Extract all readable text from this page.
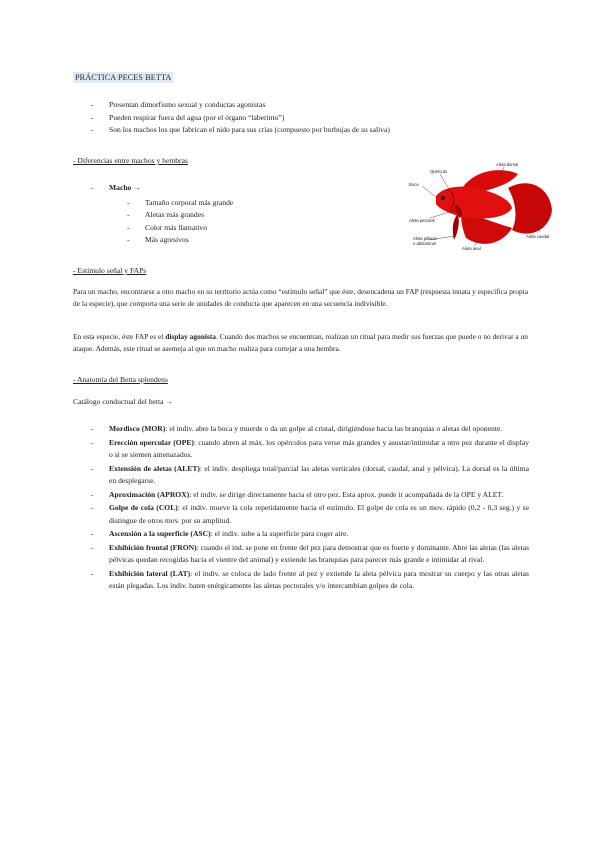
PRÁCTICA PECES BETTA
- Presentan dimorfismo sexual y conductas agonistas
- Pueden respirar fuera del agua (por el órgano “laberinto”)
- Son los machos los que fabrican el nido para sus crías (compuesto por burbujas de su saliva)
- Diferencias entre machos y hembras
- Macho →
- Tamaño corporal más grande
- Aletas más grandes
- Color más llamativo
- Más agresivos
Aleta dorsal
Opérculo
Boca
Aleta pectoral
Aleta pélvica
o abdominal
Aleta anal
Aleta caudal
- Estímulo señal y FAPs

Para un macho, encontrarse a otro macho en su territorio actúa como “estímulo señal” que éste, desencadena un FAP (respuesta innata y específica propia de la especie), que comporta una serie de unidades de conducta que aparecen en una secuencia indivisible.

En esta especie, éste FAP es el display agonista. Cuando dos machos se encuentran, realizan un ritual para medir sus fuerzas que puede o no derivar a un ataque. Además, este ritual se asemeja al que un macho realiza para cortejar a una hembra.

- Anatomía del Betta splendens
Catálogo conductual del betta →
- Mordisco (MOR): el indiv. abre la boca y muerde o da un golpe al cristal, dirigiéndose hacia las branquias o aletas del oponente.
- Erección opercular (OPE): cuando abren al máx. los opérculos para verse más grandes y asustar/intimidar a otro pez durante el display o si se sienten amenazados.
- Extensión de aletas (ALET): el indiv. despliega total/parcial las aletas verticales (dorsal, caudal, anal y pélvica). La dorsal es la última en desplegarse.
- Aproximación (APROX): el indiv. se dirige directamente hacia el otro pez. Esta aprox. puede ir acompañada de la OPE y ALET.
- Golpe de cola (COL): el indiv. mueve la cola repetidamente hacia el estímulo. El golpe de cola es un mov. rápido (0,2 - 0,3 seg.) y se distingue de otros mov. por su amplitud.
- Ascensión a la superficie (ASC): el indiv. sube a la superficie para coger aire.
- Exhibición frontal (FRON): cuando el ind. se pone en frente del pez para demostrar que es fuerte y dominante. Abre las aletas (las aletas pélvicas quedan recogidas hacia el vientre del animal) y extiende las branquias para parecer más grande e intimidar al rival.
- Exhibición lateral (LAT): el indiv. se coloca de lado frente al pez y extiende la aleta pélvica para mostrar su cuerpo y las otras aletas están plegadas. Los indiv. baten enérgicamente las aletas pectorales y/o intercambian golpes de cola.
